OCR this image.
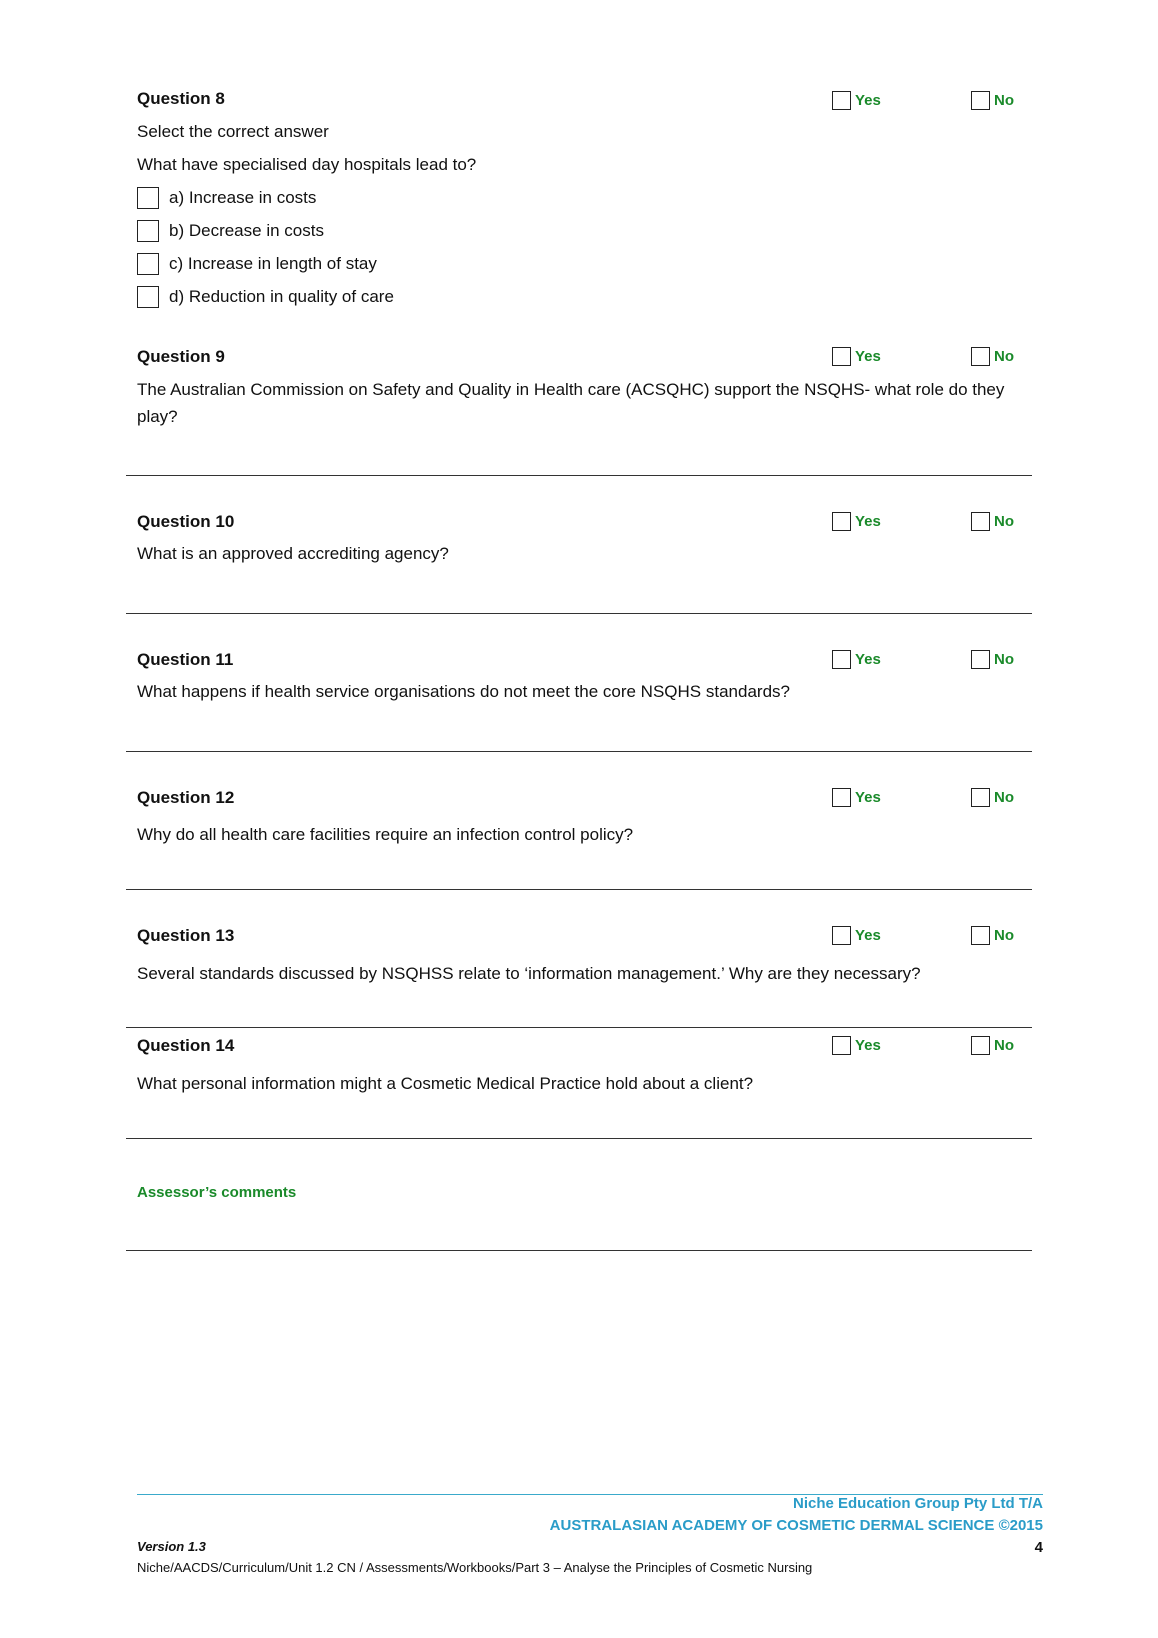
Question 8	Yes	No
Select the correct answer
What have specialised day hospitals lead to?
a) Increase in costs
b) Decrease in costs
c) Increase in length of stay
d) Reduction in quality of care
Question 9	Yes	No
The Australian Commission on Safety and Quality in Health care (ACSQHC) support the NSQHS- what role do they play?
Question 10	Yes	No
What is an approved accrediting agency?
Question 11	Yes	No
What happens if health service organisations do not meet the core NSQHS standards?
Question 12	Yes	No
Why do all health care facilities require an infection control policy?
Question 13	Yes	No
Several standards discussed by NSQHSS relate to ‘information management.’ Why are they necessary?
Question 14	Yes	No
What personal information might a Cosmetic Medical Practice hold about a client?
Assessor’s comments
Niche Education Group Pty Ltd T/A
AUSTRALASIAN ACADEMY OF COSMETIC DERMAL SCIENCE ©2015
4
Version 1.3
Niche/AACDS/Curriculum/Unit 1.2 CN / Assessments/Workbooks/Part 3 – Analyse the Principles of Cosmetic Nursing
